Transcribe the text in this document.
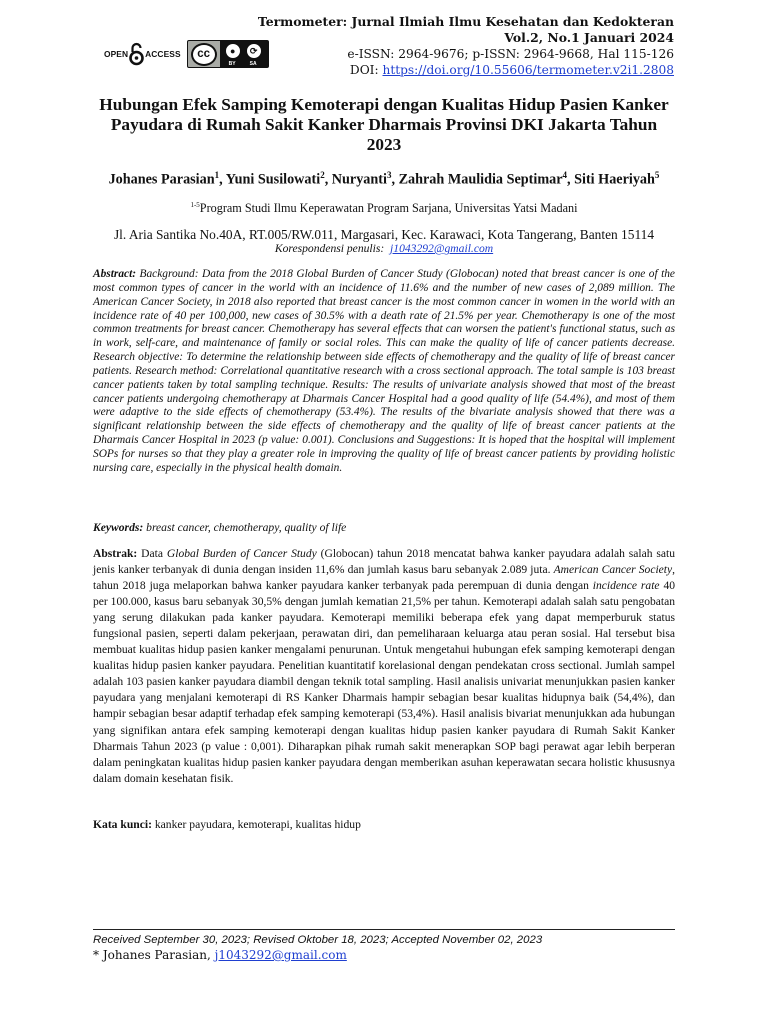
Termometer: Jurnal Ilmiah Ilmu Kesehatan dan Kedokteran
Vol.2, No.1 Januari 2024
e-ISSN: 2964-9676; p-ISSN: 2964-9668, Hal 115-126
DOI: https://doi.org/10.55606/termometer.v2i1.2808
OPEN ACCESS	cc	●	⟳
BY	SA
Hubungan Efek Samping Kemoterapi dengan Kualitas Hidup Pasien Kanker Payudara di Rumah Sakit Kanker Dharmais Provinsi DKI Jakarta Tahun 2023
Johanes Parasian$^1$, Yuni Susilowati$^2$, Nuryanti$^3$, Zahrah Maulidia Septimar$^4$, Siti Haeriyah$^5$
$^{1-5}$Program Studi Ilmu Keperawatan Program Sarjana, Universitas Yatsi Madani
Jl. Aria Santika No.40A, RT.005/RW.011, Margasari, Kec. Karawaci, Kota Tangerang, Banten 15114
Korespondensi penulis: j1043292@gmail.com
Abstract: Background: Data from the 2018 Global Burden of Cancer Study (Globocan) noted that breast cancer is one of the most common types of cancer in the world with an incidence of 11.6% and the number of new cases of 2,089 million. The American Cancer Society, in 2018 also reported that breast cancer is the most common cancer in women in the world with an incidence rate of 40 per 100,000, new cases of 30.5% with a death rate of 21.5% per year. Chemotherapy is one of the most common treatments for breast cancer. Chemotherapy has several effects that can worsen the patient's functional status, such as in work, self-care, and maintenance of family or social roles. This can make the quality of life of cancer patients decrease. Research objective: To determine the relationship between side effects of chemotherapy and the quality of life of breast cancer patients. Research method: Correlational quantitative research with a cross sectional approach. The total sample is 103 breast cancer patients taken by total sampling technique. Results: The results of univariate analysis showed that most of the breast cancer patients undergoing chemotherapy at Dharmais Cancer Hospital had a good quality of life (54.4%), and most of them were adaptive to the side effects of chemotherapy (53.4%). The results of the bivariate analysis showed that there was a significant relationship between the side effects of chemotherapy and the quality of life of breast cancer patients at the Dharmais Cancer Hospital in 2023 (p value: 0.001). Conclusions and Suggestions: It is hoped that the hospital will implement SOPs for nurses so that they play a greater role in improving the quality of life of breast cancer patients by providing holistic nursing care, especially in the physical health domain.
Keywords: breast cancer, chemotherapy, quality of life
Abstrak: Data Global Burden of Cancer Study (Globocan) tahun 2018 mencatat bahwa kanker payudara adalah salah satu jenis kanker terbanyak di dunia dengan insiden 11,6% dan jumlah kasus baru sebanyak 2.089 juta. American Cancer Society, tahun 2018 juga melaporkan bahwa kanker payudara kanker terbanyak pada perempuan di dunia dengan incidence rate 40 per 100.000, kasus baru sebanyak 30,5% dengan jumlah kematian 21,5% per tahun. Kemoterapi adalah salah satu pengobatan yang serung dilakukan pada kanker payudara. Kemoterapi memiliki beberapa efek yang dapat memperburuk status fungsional pasien, seperti dalam pekerjaan, perawatan diri, dan pemeliharaan keluarga atau peran sosial. Hal tersebut bisa membuat kualitas hidup pasien kanker mengalami penurunan. Untuk mengetahui hubungan efek samping kemoterapi dengan kualitas hidup pasien kanker payudara. Penelitian kuantitatif korelasional dengan pendekatan cross sectional. Jumlah sampel adalah 103 pasien kanker payudara diambil dengan teknik total sampling. Hasil analisis univariat menunjukkan pasien kanker payudara yang menjalani kemoterapi di RS Kanker Dharmais hampir sebagian besar kualitas hidupnya baik (54,4%), dan hampir sebagian besar adaptif terhadap efek samping kemoterapi (53,4%). Hasil analisis bivariat menunjukkan ada hubungan yang signifikan antara efek samping kemoterapi dengan kualitas hidup pasien kanker payudara di Rumah Sakit Kanker Dharmais Tahun 2023 (p value : 0,001). Diharapkan pihak rumah sakit menerapkan SOP bagi perawat agar lebih berperan dalam peningkatan kualitas hidup pasien kanker payudara dengan memberikan asuhan keperawatan secara holistic khususnya dalam domain kesehatan fisik.
Kata kunci: kanker payudara, kemoterapi, kualitas hidup
Received September 30, 2023; Revised Oktober 18, 2023; Accepted November 02, 2023
* Johanes Parasian, j1043292@gmail.com
